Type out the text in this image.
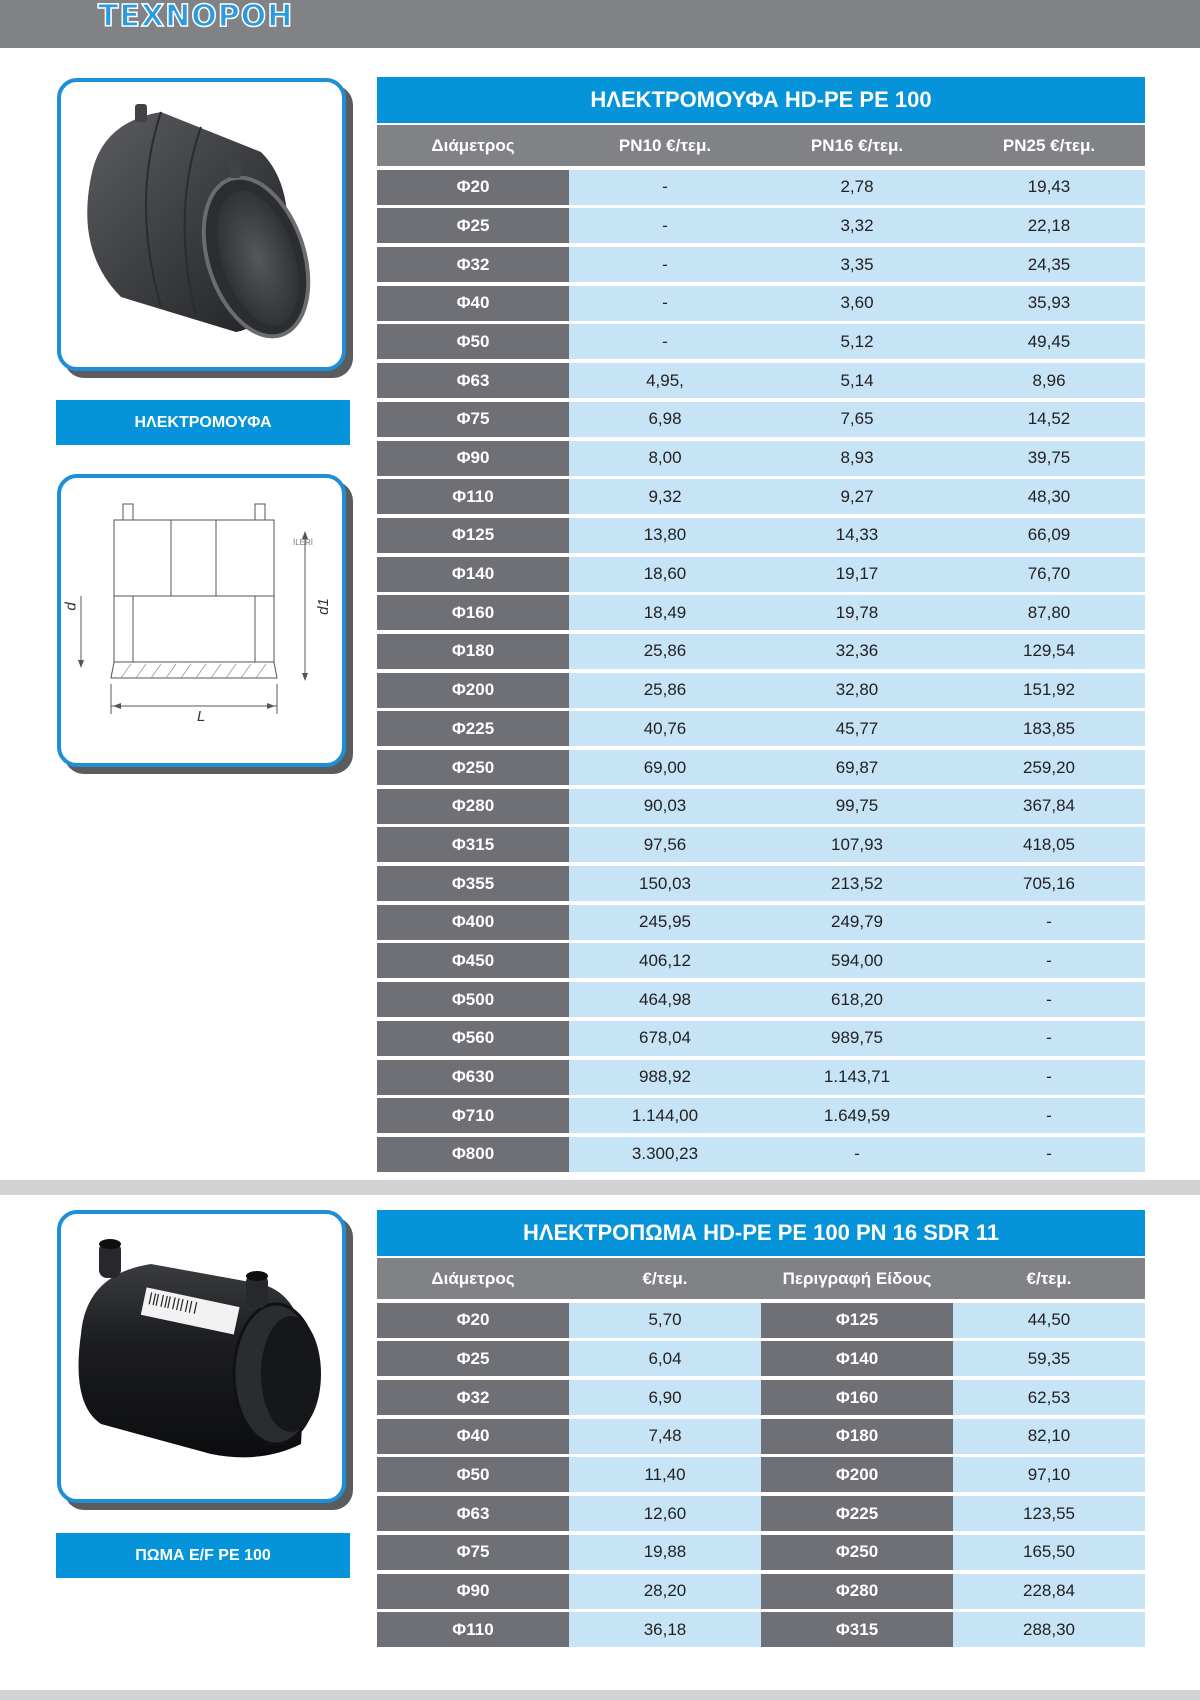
ΤΕΧΝΟΡΟΗ
ΗΛΕΚΤΡΟΜΟΥΦΑ
d	d1
L
İLERİ
ΗΛΕΚΤΡΟΜΟΥΦΑ HD-PE PE 100
Διάμετρος	PN10 €/τεμ.	PN16 €/τεμ.	PN25 €/τεμ.
Φ20	-	2,78	19,43
Φ25	-	3,32	22,18
Φ32	-	3,35	24,35
Φ40	-	3,60	35,93
Φ50	-	5,12	49,45
Φ63	4,95,	5,14	8,96
Φ75	6,98	7,65	14,52
Φ90	8,00	8,93	39,75
Φ110	9,32	9,27	48,30
Φ125	13,80	14,33	66,09
Φ140	18,60	19,17	76,70
Φ160	18,49	19,78	87,80
Φ180	25,86	32,36	129,54
Φ200	25,86	32,80	151,92
Φ225	40,76	45,77	183,85
Φ250	69,00	69,87	259,20
Φ280	90,03	99,75	367,84
Φ315	97,56	107,93	418,05
Φ355	150,03	213,52	705,16
Φ400	245,95	249,79	-
Φ450	406,12	594,00	-
Φ500	464,98	618,20	-
Φ560	678,04	989,75	-
Φ630	988,92	1.143,71	-
Φ710	1.144,00	1.649,59	-
Φ800	3.300,23	-	-
ΠΩΜΑ E/F PE 100
ΗΛΕΚΤΡΟΠΩΜΑ HD-PE PE 100 PN 16 SDR 11
Διάμετρος	€/τεμ.	Περιγραφή Είδους	€/τεμ.
Φ20	5,70	Φ125	44,50
Φ25	6,04	Φ140	59,35
Φ32	6,90	Φ160	62,53
Φ40	7,48	Φ180	82,10
Φ50	11,40	Φ200	97,10
Φ63	12,60	Φ225	123,55
Φ75	19,88	Φ250	165,50
Φ90	28,20	Φ280	228,84
Φ110	36,18	Φ315	288,30
